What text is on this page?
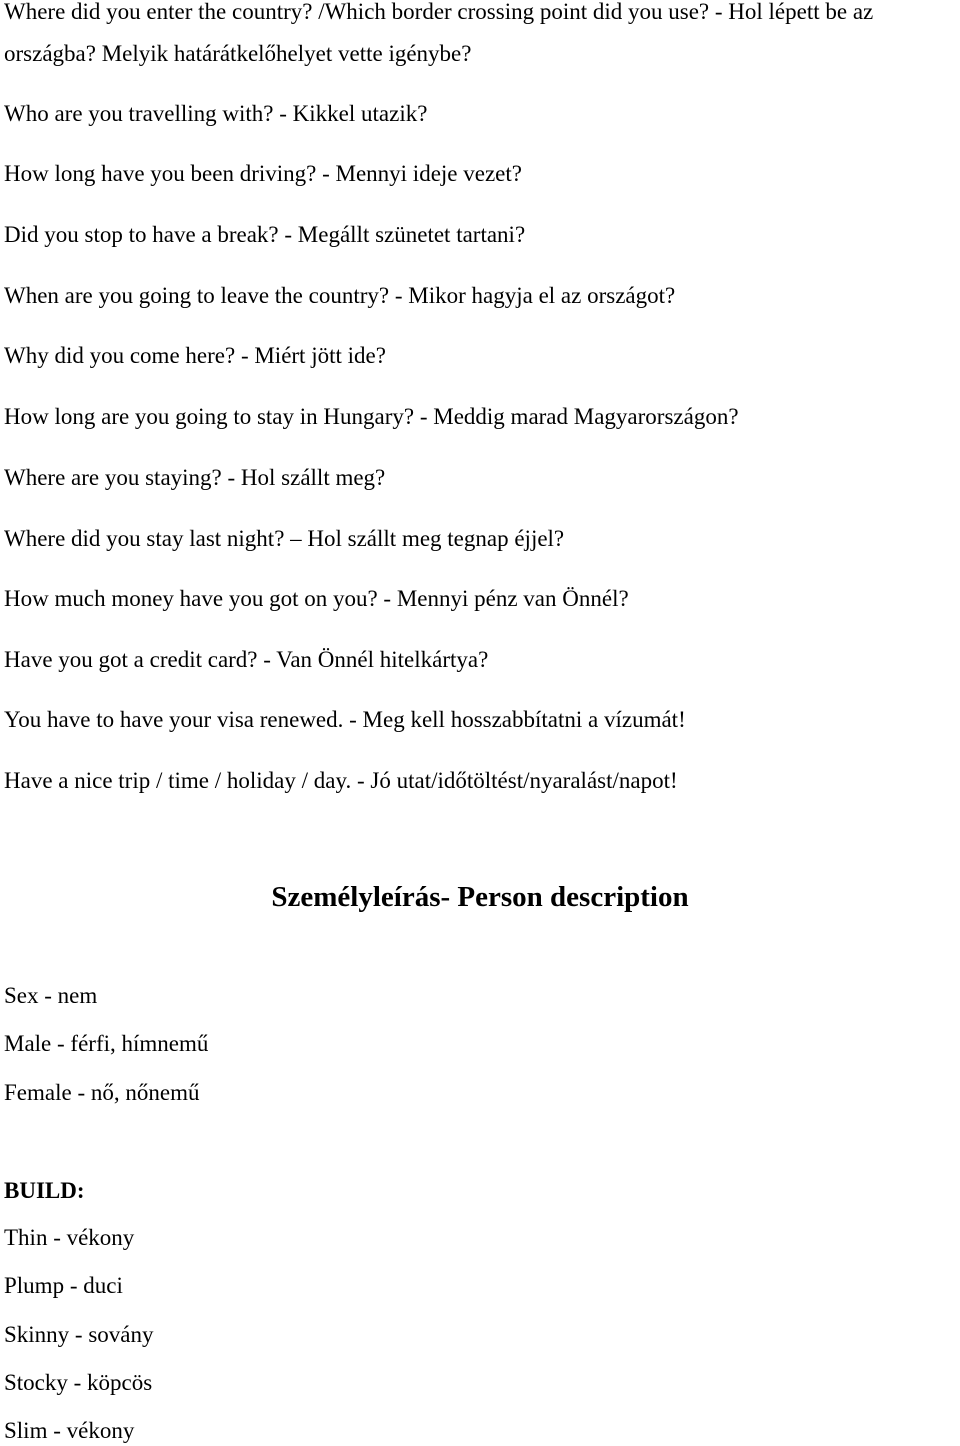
Where did you enter the country? /Which border crossing point did you use? - Hol lépett be az
országba? Melyik határátkelőhelyet vette igénybe?
Who are you travelling with? - Kikkel utazik?
How long have you been driving? - Mennyi ideje vezet?
Did you stop to have a break? - Megállt szünetet tartani?
When are you going to leave the country? - Mikor hagyja el az országot?
Why did you come here? - Miért jött ide?
How long are you going to stay in Hungary? - Meddig marad Magyarországon?
Where are you staying? - Hol szállt meg?
Where did you stay last night? – Hol szállt meg tegnap éjjel?
How much money have you got on you? - Mennyi pénz van Önnél?
Have you got a credit card? - Van Önnél hitelkártya?
You have to have your visa renewed. - Meg kell hosszabbítatni a vízumát!
Have a nice trip / time / holiday / day. - Jó utat/időtöltést/nyaralást/napot!
Személyleírás- Person description
Sex - nem
Male - férfi, hímnemű
Female - nő, nőnemű
BUILD:
Thin - vékony
Plump - duci
Skinny - sovány
Stocky - köpcös
Slim - vékony
